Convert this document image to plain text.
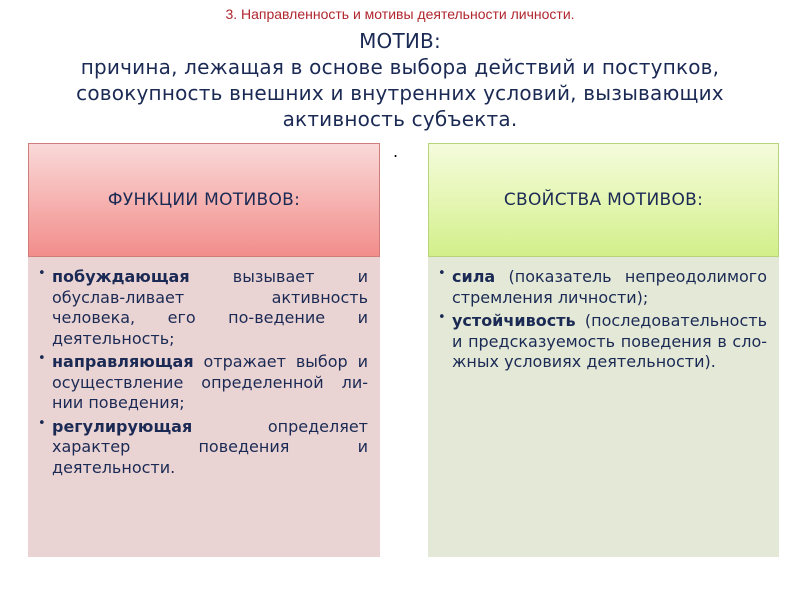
3. Направленность и мотивы деятельности личности.
МОТИВ:
причина, лежащая в основе выбора действий и поступков,
совокупность внешних и внутренних условий, вызывающих
активность субъекта.
.
ФУНКЦИИ МОТИВОВ:
• побуждающая вызывает и обуслав-ливает активность человека, его по-ведение и деятельность;
• направляющая отражает выбор и осуществление определенной ли-нии поведения;
• регулирующая определяет характер поведения и деятельности.
СВОЙСТВА МОТИВОВ:
• сила (показатель непреодолимого стремления личности);
• устойчивость (последовательность и предсказуемость поведения в сло-жных условиях деятельности).
